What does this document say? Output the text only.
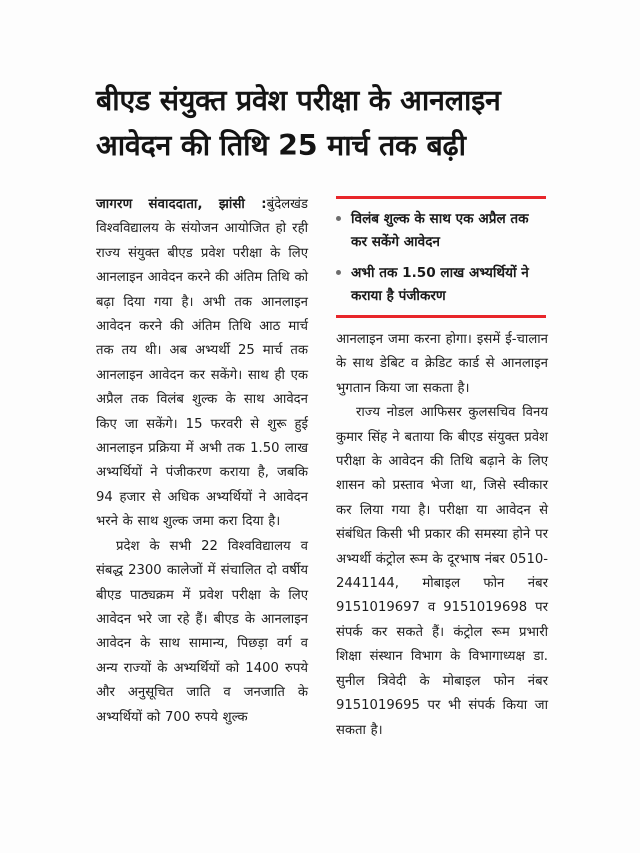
बीएड संयुक्त प्रवेश परीक्षा के आनलाइन
आवेदन की तिथि 25 मार्च तक बढ़ी
विलंब शुल्क के साथ एक अप्रैल तक कर सकेंगे आवेदन
अभी तक 1.50 लाख अभ्यर्थियों ने कराया है पंजीकरण

जागरण संवाददाता, झांसी :बुंदेलखंड विश्वविद्यालय के संयोजन आयोजित हो रही राज्य संयुक्त बीएड प्रवेश परीक्षा के लिए आनलाइन आवेदन करने की अंतिम तिथि को बढ़ा दिया गया है। अभी तक आनलाइन आवेदन करने की अंतिम तिथि आठ मार्च तक तय थी। अब अभ्यर्थी 25 मार्च तक आनलाइन आवेदन कर सकेंगे। साथ ही एक अप्रैल तक विलंब शुल्क के साथ आवेदन किए जा सकेंगे। 15 फरवरी से शुरू हुई आनलाइन प्रक्रिया में अभी तक 1.50 लाख अभ्यर्थियों ने पंजीकरण कराया है, जबकि 94 हजार से अधिक अभ्यर्थियों ने आवेदन भरने के साथ शुल्क जमा करा दिया है।

प्रदेश के सभी 22 विश्वविद्यालय व संबद्ध 2300 कालेजों में संचालित दो वर्षीय बीएड पाठ्यक्रम में प्रवेश परीक्षा के लिए आवेदन भरे जा रहे हैं। बीएड के आनलाइन आवेदन के साथ सामान्य, पिछड़ा वर्ग व अन्य राज्यों के अभ्यर्थियों को 1400 रुपये और अनुसूचित जाति व जनजाति के अभ्यर्थियों को 700 रुपये शुल्क

आनलाइन जमा करना होगा। इसमें ई-चालान के साथ डेबिट व क्रेडिट कार्ड से आनलाइन भुगतान किया जा सकता है।

राज्य नोडल आफिसर कुलसचिव विनय कुमार सिंह ने बताया कि बीएड संयुक्त प्रवेश परीक्षा के आवेदन की तिथि बढ़ाने के लिए शासन को प्रस्ताव भेजा था, जिसे स्वीकार कर लिया गया है। परीक्षा या आवेदन से संबंधित किसी भी प्रकार की समस्या होने पर अभ्यर्थी कंट्रोल रूम के दूरभाष नंबर 0510-2441144, मोबाइल फोन नंबर 9151019697 व 9151019698 पर संपर्क कर सकते हैं। कंट्रोल रूम प्रभारी शिक्षा संस्थान विभाग के विभागाध्यक्ष डा. सुनील त्रिवेदी के मोबाइल फोन नंबर 9151019695 पर भी संपर्क किया जा सकता है।
